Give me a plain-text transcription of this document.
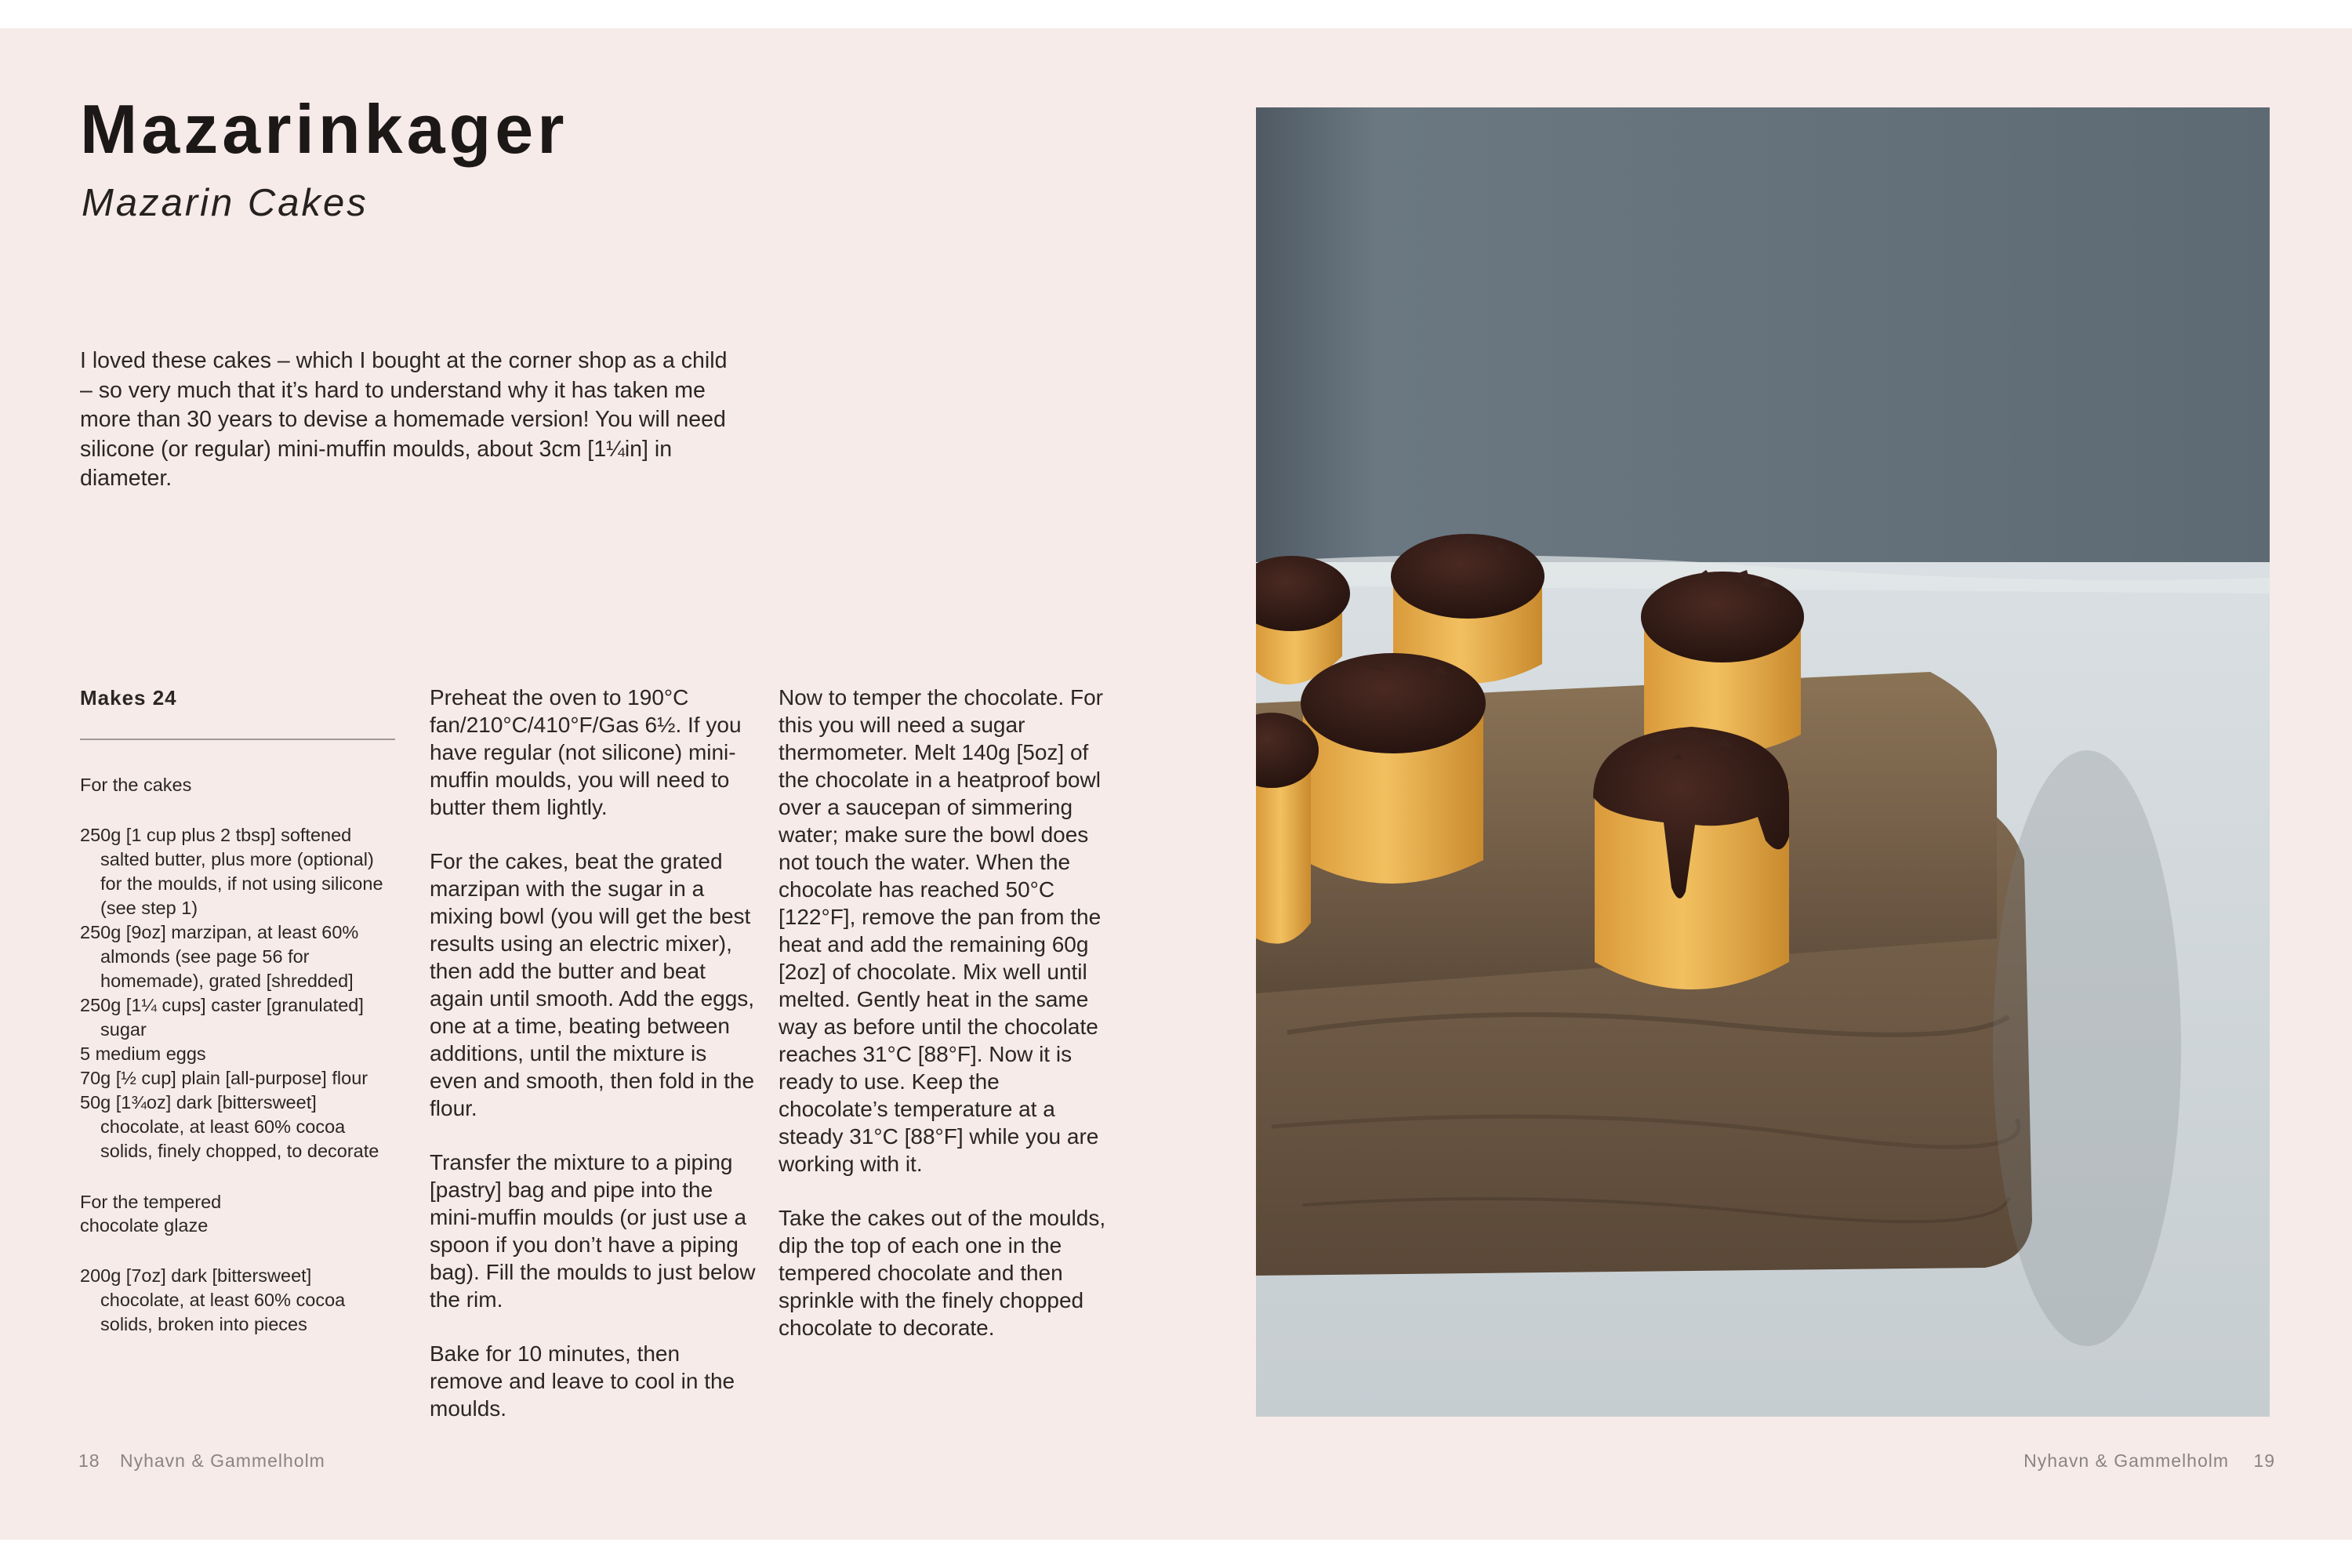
Mazarinkager
Mazarin Cakes

I loved these cakes – which I bought at the corner shop as a child – so very much that it’s hard to understand why it has taken me more than 30 years to devise a homemade version! You will need silicone (or regular) mini-muffin moulds, about 3cm [1¼in] in diameter.

Makes 24

For the cakes

250g [1 cup plus 2 tbsp] softened salted butter, plus more (optional) for the moulds, if not using silicone (see step 1)
250g [9oz] marzipan, at least 60% almonds (see page 56 for homemade), grated [shredded]
250g [1¼ cups] caster [granulated] sugar
5 medium eggs
70g [½ cup] plain [all-purpose] flour
50g [1¾oz] dark [bittersweet] chocolate, at least 60% cocoa solids, finely chopped, to decorate

For the tempered
chocolate glaze

200g [7oz] dark [bittersweet] chocolate, at least 60% cocoa solids, broken into pieces

Preheat the oven to 190°C fan/210°C/410°F/Gas 6½. If you have regular (not silicone) mini-muffin moulds, you will need to butter them lightly.

For the cakes, beat the grated marzipan with the sugar in a mixing bowl (you will get the best results using an electric mixer), then add the butter and beat again until smooth. Add the eggs, one at a time, beating between additions, until the mixture is even and smooth, then fold in the flour.

Transfer the mixture to a piping [pastry] bag and pipe into the mini-muffin moulds (or just use a spoon if you don’t have a piping bag). Fill the moulds to just below the rim.

Bake for 10 minutes, then remove and leave to cool in the moulds.

Now to temper the chocolate. For this you will need a sugar thermometer. Melt 140g [5oz] of the chocolate in a heatproof bowl over a saucepan of simmering water; make sure the bowl does not touch the water. When the chocolate has reached 50°C [122°F], remove the pan from the heat and add the remaining 60g [2oz] of chocolate. Mix well until melted. Gently heat in the same way as before until the chocolate reaches 31°C [88°F]. Now it is ready to use. Keep the chocolate’s temperature at a steady 31°C [88°F] while you are working with it.

Take the cakes out of the moulds, dip the top of each one in the tempered chocolate and then sprinkle with the finely chopped chocolate to decorate.

18 Nyhavn & Gammelholm	Nyhavn & Gammelholm 19
